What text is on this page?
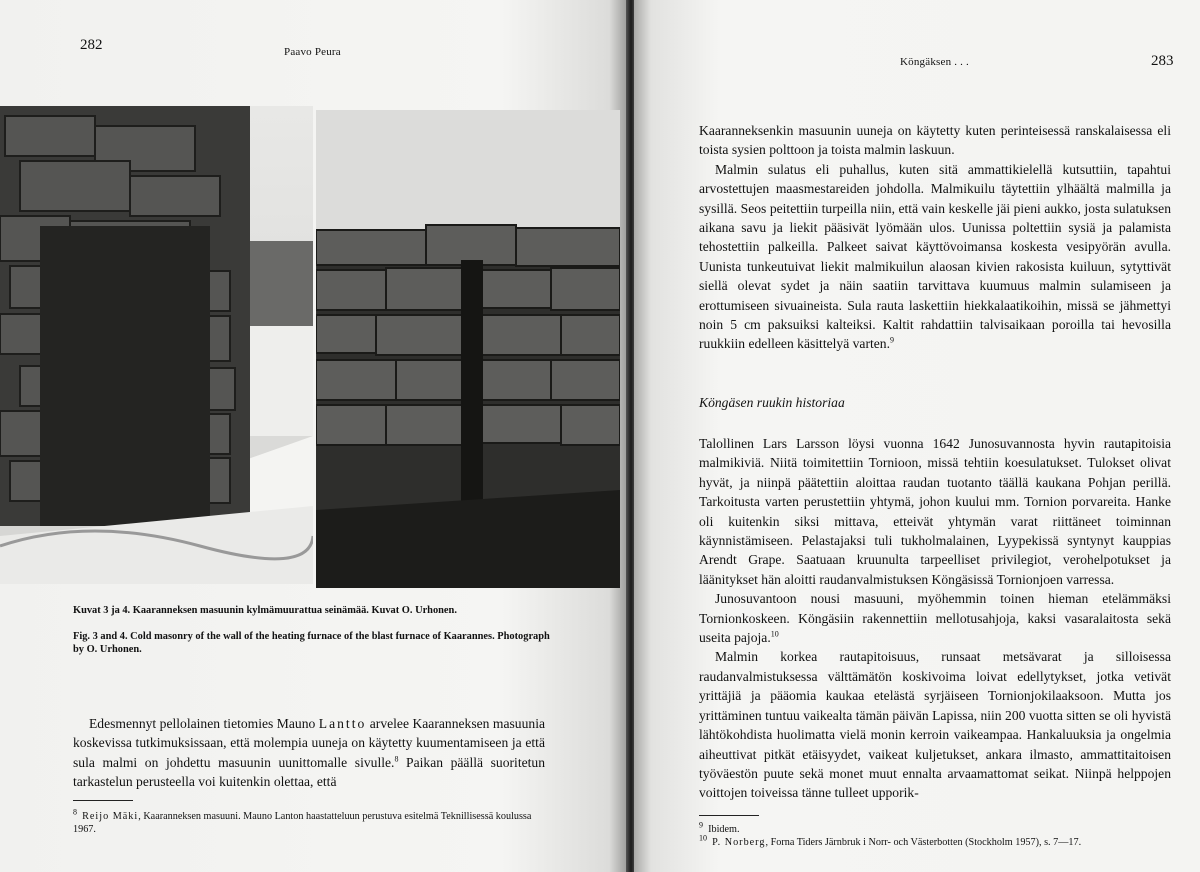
282	Paavo Peura
Kuvat 3 ja 4. Kaaranneksen masuunin kylmämuurattua seinämää. Kuvat O. Urhonen.
Fig. 3 and 4. Cold masonry of the wall of the heating furnace of the blast furnace of Kaarannes. Photograph by O. Urhonen.

Edesmennyt pellolainen tietomies Mauno Lantto arvelee Kaaranneksen masuunia koskevissa tutkimuksissaan, että molempia uuneja on käytetty kuumentamiseen ja että sula malmi on johdettu masuunin uunittomalle sivulle.$^8$ Paikan päällä suoritetun tarkastelun perusteella voi kuitenkin olettaa, että

$^8$ Reijo Mäki, Kaaranneksen masuuni. Mauno Lanton haastatteluun perustuva esitelmä Teknillisessä koulussa 1967.
Köngäksen . . .	283

Kaaranneksenkin masuunin uuneja on käytetty kuten perinteisessä ranskalaisessa eli toista sysien polttoon ja toista malmin laskuun.

Malmin sulatus eli puhallus, kuten sitä ammattikielellä kutsuttiin, tapahtui arvostettujen maasmestareiden johdolla. Malmikuilu täytettiin ylhäältä malmilla ja sysillä. Seos peitettiin turpeilla niin, että vain keskelle jäi pieni aukko, josta sulatuksen aikana savu ja liekit pääsivät lyömään ulos. Uunissa poltettiin sysiä ja palamista tehostettiin palkeilla. Palkeet saivat käyttövoimansa koskesta vesipyörän avulla. Uunista tunkeutuivat liekit malmikuilun alaosan kivien rakosista kuiluun, sytyttivät siellä olevat sydet ja näin saatiin tarvittava kuumuus malmin sulamiseen ja erottumiseen sivuaineista. Sula rauta laskettiin hiekkalaatikoihin, missä se jähmettyi noin 5 cm paksuiksi kalteiksi. Kaltit rahdattiin talvisaikaan poroilla tai hevosilla ruukkiin edelleen käsittelyä varten.$^9$

Köngäsen ruukin historiaa

Talollinen Lars Larsson löysi vuonna 1642 Junosuvannosta hyvin rautapitoisia malmikiviä. Niitä toimitettiin Tornioon, missä tehtiin koesulatukset. Tulokset olivat hyvät, ja niinpä päätettiin aloittaa raudan tuotanto täällä kaukana Pohjan perillä. Tarkoitusta varten perustettiin yhtymä, johon kuului mm. Tornion porvareita. Hanke oli kuitenkin siksi mittava, etteivät yhtymän varat riittäneet toiminnan käynnistämiseen. Pelastajaksi tuli tukholmalainen, Lyypekissä syntynyt kauppias Arendt Grape. Saatuaan kruunulta tarpeelliset privilegiot, verohelpotukset ja läänitykset hän aloitti raudanvalmistuksen Köngäsissä Tornionjoen varressa.

Junosuvantoon nousi masuuni, myöhemmin toinen hieman etelämmäksi Tornionkoskeen. Köngäsiin rakennettiin mellotusahjoja, kaksi vasaralaitosta sekä useita pajoja.$^{10}$

Malmin korkea rautapitoisuus, runsaat metsävarat ja silloisessa raudanvalmistuksessa välttämätön koskivoima loivat edellytykset, jotka vetivät yrittäjiä ja pääomia kaukaa etelästä syrjäiseen Tornionjokilaaksoon. Mutta jos yrittäminen tuntuu vaikealta tämän päivän Lapissa, niin 200 vuotta sitten se oli hyvistä lähtökohdista huolimatta vielä monin kerroin vaikeampaa. Hankaluuksia ja ongelmia aiheuttivat pitkät etäisyydet, vaikeat kuljetukset, ankara ilmasto, ammattitaitoisen työväestön puute sekä monet muut ennalta arvaamattomat seikat. Niinpä helppojen voittojen toiveissa tänne tulleet upporik-

$^9$ Ibidem.
$^{10}$ P. Norberg, Forna Tiders Järnbruk i Norr- och Västerbotten (Stockholm 1957), s. 7—17.
